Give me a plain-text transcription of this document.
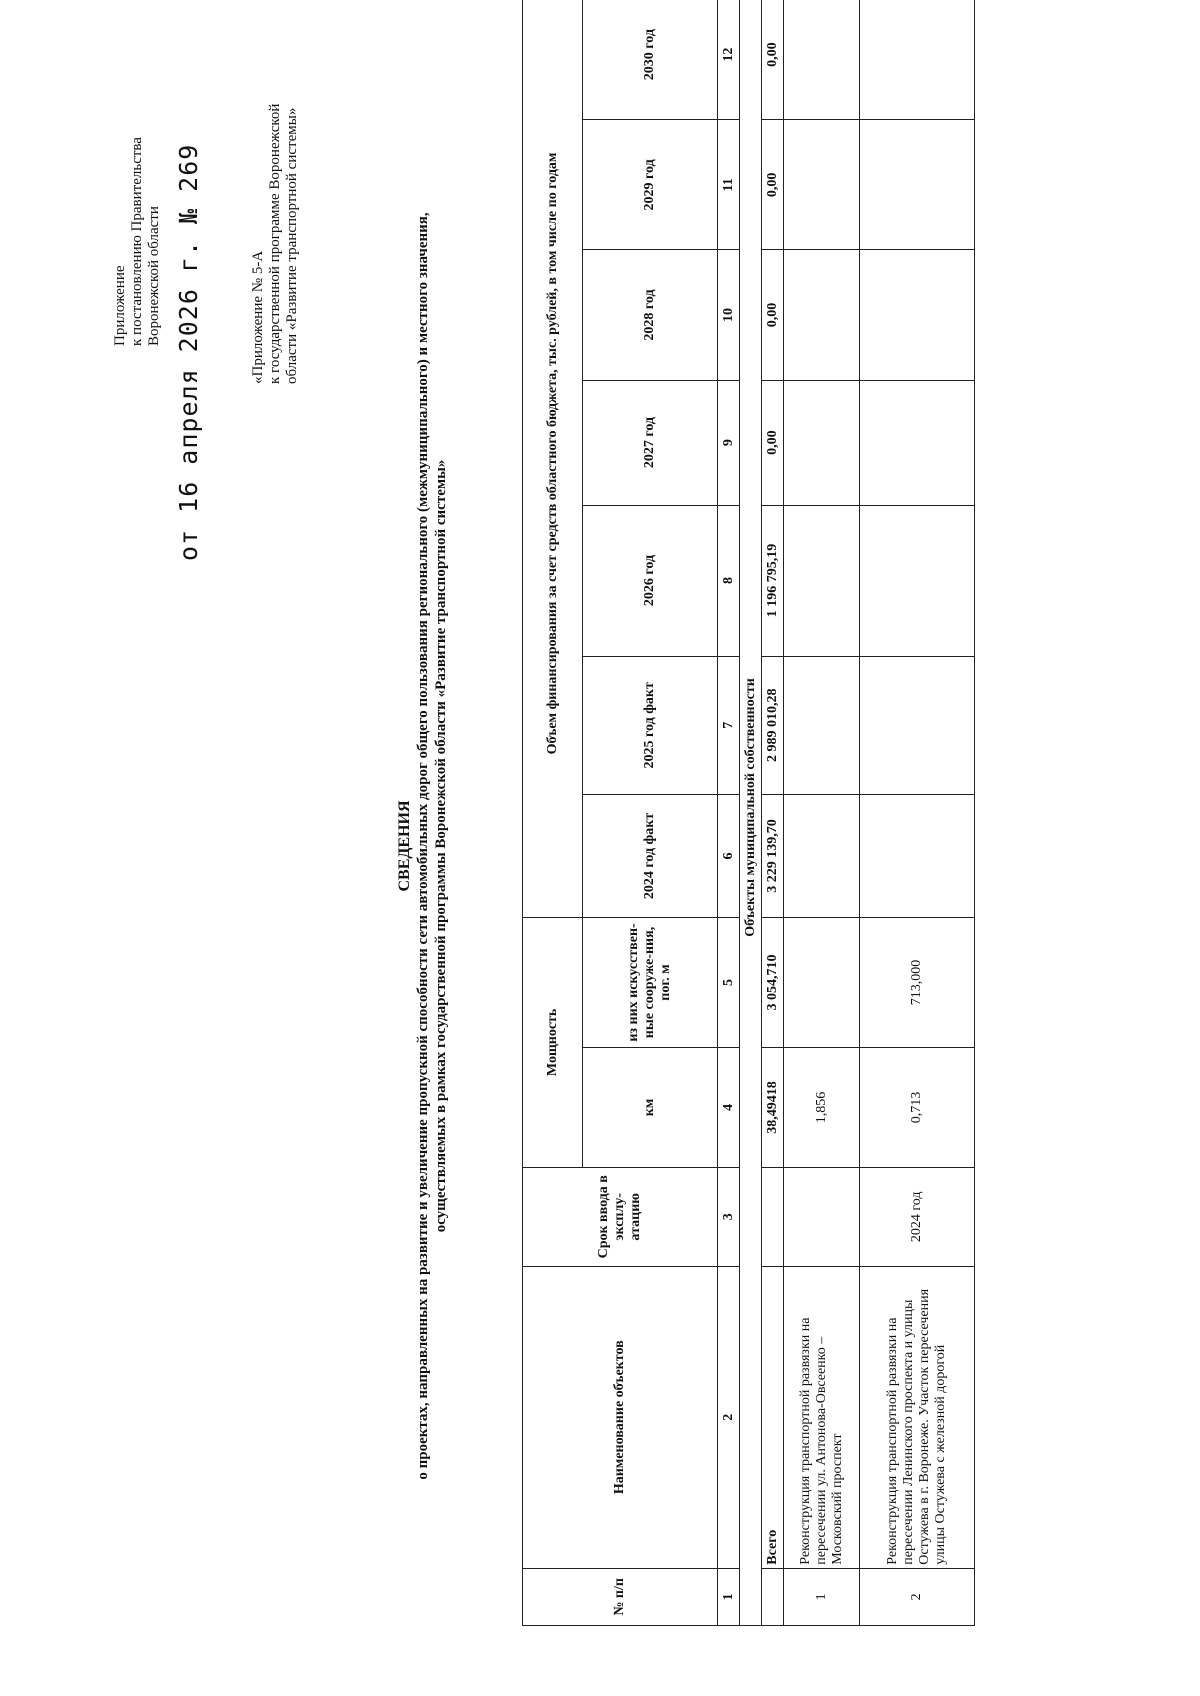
Приложение к постановлению Правительства Воронежской области от 16 апреля 2026 г. № 269	«Приложение № 5-А к государственной программе Воронежской области «Развитие транспортной системы»
СВЕДЕНИЯ о проектах, направленных на развитие и увеличение пропускной способности сети автомобильных дорог общего пользования регионального (межмуниципального) и местного значения, осуществляемых в рамках государственной программы Воронежской области «Развитие транспортной системы»
№ п/п	Наименование объектов	Срок ввода в эксплу-атацию	Мощность		Объем финансирования за счет средств областного бюджета, тыс. рублей, в том числе по годам						
			км	из них искусствен-ные сооруже-ния, пог. м	2024 год факт	2025 год факт	2026 год	2027 год	2028 год	2029 год	2030 год
1	2	3	4	5	6	7	8	9	10	11	12
Объекты муниципальной собственности											
	Всего		38,49418	3 054,710	3 229 139,70	2 989 010,28	1 196 795,19	0,00	0,00	0,00	0,00
1	Реконструкция транспортной развязки на пересечении ул. Антонова-Овсеенко – Московский проспект		1,856								
2	Реконструкция транспортной развязки на пересечении Ленинского проспекта и улицы Остужева в г. Воронеже. Участок пересечения улицы Остужева с железной дорогой	2024 год	0,713	713,000							
